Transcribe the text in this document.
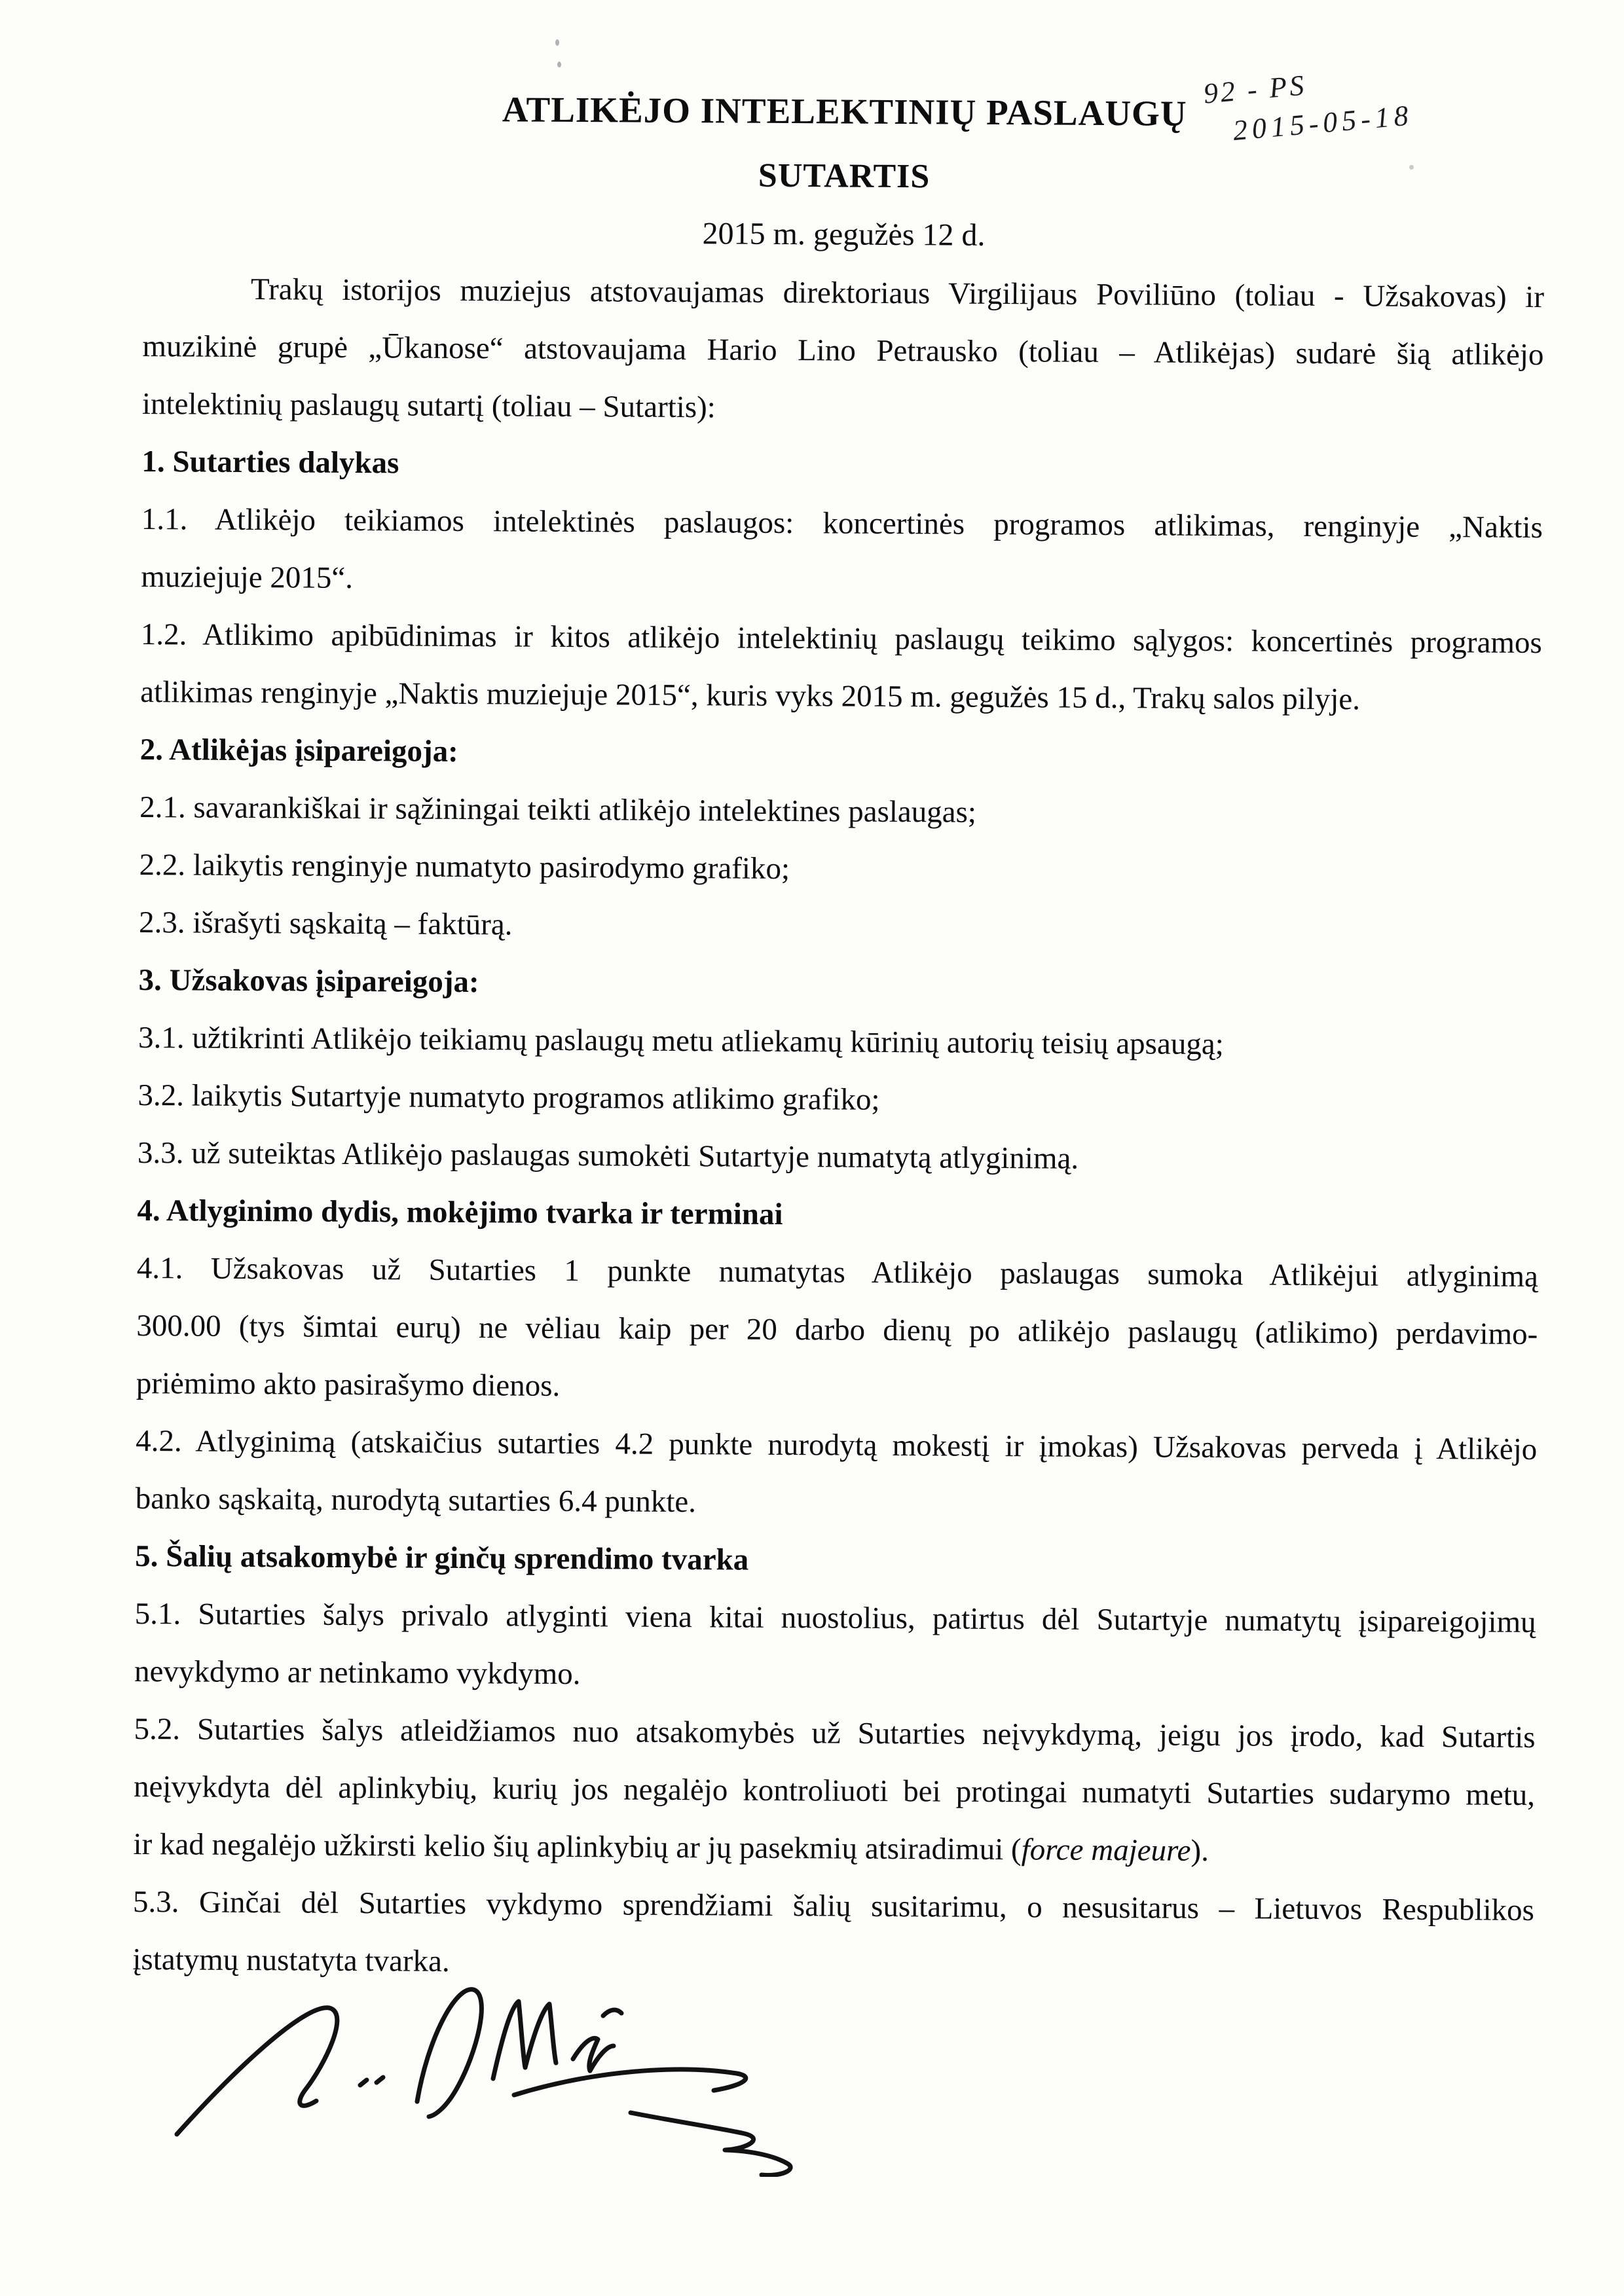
92 - PS
2015-05-18
ATLIKĖJO INTELEKTINIŲ PASLAUGŲ
SUTARTIS
2015 m. gegužės 12 d.
Trakų istorijos muziejus atstovaujamas direktoriaus Virgilijaus Poviliūno (toliau - Užsakovas) ir
muzikinė grupė „Ūkanose“ atstovaujama Hario Lino Petrausko (toliau – Atlikėjas) sudarė šią atlikėjo
intelektinių paslaugų sutartį (toliau – Sutartis):
1. Sutarties dalykas
1.1. Atlikėjo teikiamos intelektinės paslaugos: koncertinės programos atlikimas, renginyje „Naktis
muziejuje 2015“.
1.2. Atlikimo apibūdinimas ir kitos atlikėjo intelektinių paslaugų teikimo sąlygos: koncertinės programos
atlikimas renginyje „Naktis muziejuje 2015“, kuris vyks 2015 m. gegužės 15 d., Trakų salos pilyje.
2. Atlikėjas įsipareigoja:
2.1. savarankiškai ir sąžiningai teikti atlikėjo intelektines paslaugas;
2.2. laikytis renginyje numatyto pasirodymo grafiko;
2.3. išrašyti sąskaitą – faktūrą.
3. Užsakovas įsipareigoja:
3.1. užtikrinti Atlikėjo teikiamų paslaugų metu atliekamų kūrinių autorių teisių apsaugą;
3.2. laikytis Sutartyje numatyto programos atlikimo grafiko;
3.3. už suteiktas Atlikėjo paslaugas sumokėti Sutartyje numatytą atlyginimą.
4. Atlyginimo dydis, mokėjimo tvarka ir terminai
4.1. Užsakovas už Sutarties 1 punkte numatytas Atlikėjo paslaugas sumoka Atlikėjui atlyginimą
300.00 (tys šimtai eurų) ne vėliau kaip per 20 darbo dienų po atlikėjo paslaugų (atlikimo) perdavimo-
priėmimo akto pasirašymo dienos.
4.2. Atlyginimą (atskaičius sutarties 4.2 punkte nurodytą mokestį ir įmokas) Užsakovas perveda į Atlikėjo
banko sąskaitą, nurodytą sutarties 6.4 punkte.
5. Šalių atsakomybė ir ginčų sprendimo tvarka
5.1. Sutarties šalys privalo atlyginti viena kitai nuostolius, patirtus dėl Sutartyje numatytų įsipareigojimų
nevykdymo ar netinkamo vykdymo.
5.2. Sutarties šalys atleidžiamos nuo atsakomybės už Sutarties neįvykdymą, jeigu jos įrodo, kad Sutartis
neįvykdyta dėl aplinkybių, kurių jos negalėjo kontroliuoti bei protingai numatyti Sutarties sudarymo metu,
ir kad negalėjo užkirsti kelio šių aplinkybių ar jų pasekmių atsiradimui (force majeure).
5.3. Ginčai dėl Sutarties vykdymo sprendžiami šalių susitarimu, o nesusitarus – Lietuvos Respublikos
įstatymų nustatyta tvarka.
